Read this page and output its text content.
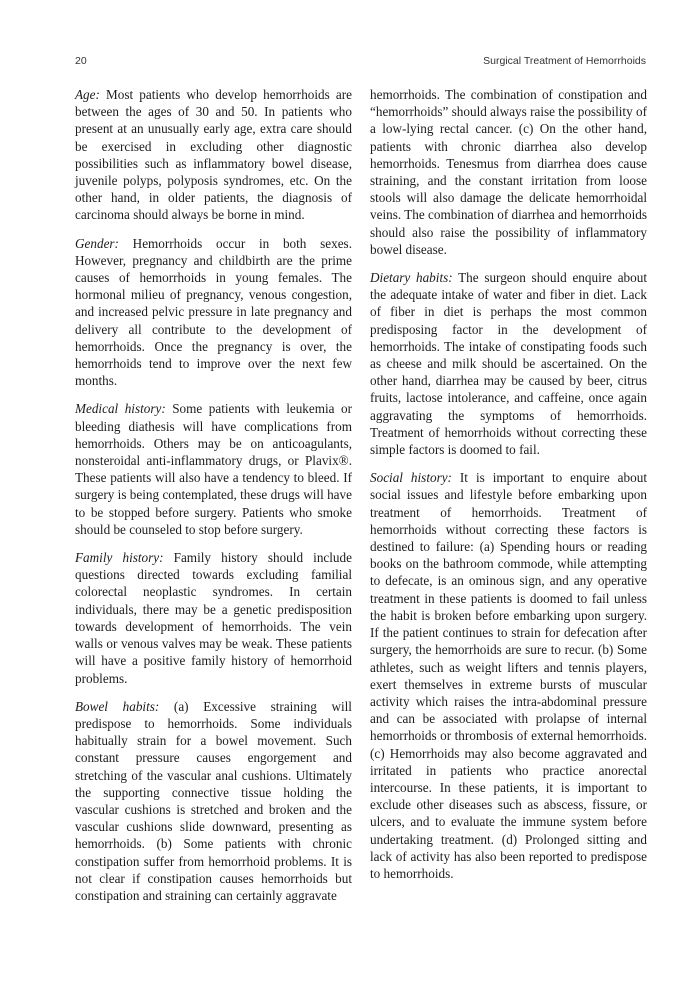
20	Surgical Treatment of Hemorrhoids

Age: Most patients who develop hemorrhoids are between the ages of 30 and 50. In patients who present at an unusually early age, extra care should be exercised in excluding other diagnostic possibilities such as inflammatory bowel disease, juvenile polyps, polyposis syndromes, etc. On the other hand, in older patients, the diagnosis of carcinoma should always be borne in mind.

Gender: Hemorrhoids occur in both sexes. However, pregnancy and childbirth are the prime causes of hemorrhoids in young females. The hormonal milieu of pregnancy, venous congestion, and increased pelvic pressure in late pregnancy and delivery all contribute to the development of hemorrhoids. Once the pregnancy is over, the hemorrhoids tend to improve over the next few months.

Medical history: Some patients with leukemia or bleeding diathesis will have complications from hemorrhoids. Others may be on anticoagulants, nonsteroidal anti-inflammatory drugs, or Plavix®. These patients will also have a tendency to bleed. If surgery is being contemplated, these drugs will have to be stopped before surgery. Patients who smoke should be counseled to stop before surgery.

Family history: Family history should include questions directed towards excluding familial colorectal neoplastic syndromes. In certain individuals, there may be a genetic predisposition towards development of hemorrhoids. The vein walls or venous valves may be weak. These patients will have a positive family history of hemorrhoid problems.

Bowel habits: (a) Excessive straining will predispose to hemorrhoids. Some individuals habitually strain for a bowel movement. Such constant pressure causes engorgement and stretching of the vascular anal cushions. Ultimately the supporting connective tissue holding the vascular cushions is stretched and broken and the vascular cushions slide downward, presenting as hemorrhoids. (b) Some patients with chronic constipation suffer from hemorrhoid problems. It is not clear if constipation causes hemorrhoids but constipation and straining can certainly aggravate

hemorrhoids. The combination of constipation and “hemorrhoids” should always raise the possibility of a low-lying rectal cancer. (c) On the other hand, patients with chronic diarrhea also develop hemorrhoids. Tenesmus from diarrhea does cause straining, and the constant irritation from loose stools will also damage the delicate hemorrhoidal veins. The combination of diarrhea and hemorrhoids should also raise the possibility of inflammatory bowel disease.

Dietary habits: The surgeon should enquire about the adequate intake of water and fiber in diet. Lack of fiber in diet is perhaps the most common predisposing factor in the development of hemorrhoids. The intake of constipating foods such as cheese and milk should be ascertained. On the other hand, diarrhea may be caused by beer, citrus fruits, lactose intolerance, and caffeine, once again aggravating the symptoms of hemorrhoids. Treatment of hemorrhoids without correcting these simple factors is doomed to fail.

Social history: It is important to enquire about social issues and lifestyle before embarking upon treatment of hemorrhoids. Treatment of hemorrhoids without correcting these factors is destined to failure: (a) Spending hours or reading books on the bathroom commode, while attempting to defecate, is an ominous sign, and any operative treatment in these patients is doomed to fail unless the habit is broken before embarking upon surgery. If the patient continues to strain for defecation after surgery, the hemorrhoids are sure to recur. (b) Some athletes, such as weight lifters and tennis players, exert themselves in extreme bursts of muscular activity which raises the intra-abdominal pressure and can be associated with prolapse of internal hemorrhoids or thrombosis of external hemorrhoids. (c) Hemorrhoids may also become aggravated and irritated in patients who practice anorectal intercourse. In these patients, it is important to exclude other diseases such as abscess, fissure, or ulcers, and to evaluate the immune system before undertaking treatment. (d) Prolonged sitting and lack of activity has also been reported to predispose to hemorrhoids.
